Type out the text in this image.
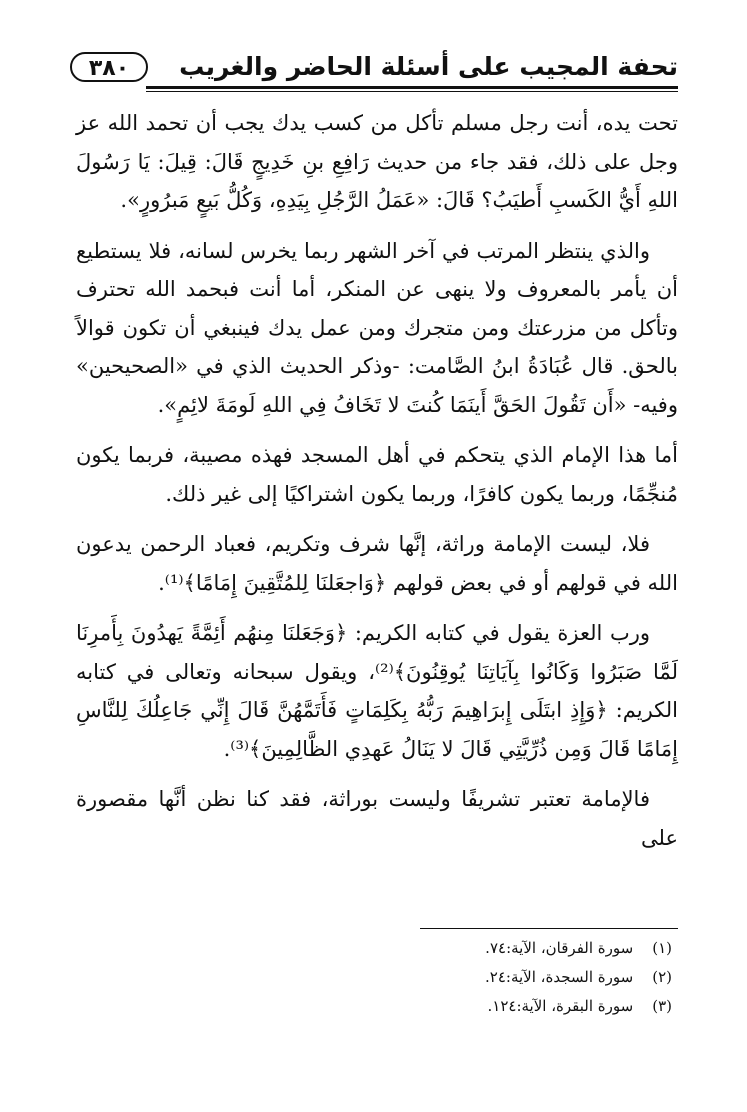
تحفة المجيب على أسئلة الحاضر والغريب
٣٨٠

تحت يده، أنت رجل مسلم تأكل من كسب يدك يجب أن تحمد الله عز وجل على ذلك، فقد جاء من حديث رَافِعِ بنِ خَدِيجٍ قَالَ: قِيلَ: يَا رَسُولَ اللهِ أَيُّ الكَسبِ أَطيَبُ؟ قَالَ: «عَمَلُ الرَّجُلِ بِيَدِهِ، وَكُلُّ بَيعٍ مَبرُورٍ».

والذي ينتظر المرتب في آخر الشهر ربما يخرس لسانه، فلا يستطيع أن يأمر بالمعروف ولا ينهى عن المنكر، أما أنت فبحمد الله تحترف وتأكل من مزرعتك ومن متجرك ومن عمل يدك فينبغي أن تكون قوالاً بالحق. قال عُبَادَةُ ابنُ الصَّامت: -وذكر الحديث الذي في «الصحيحين» وفيه- «أَن تَقُولَ الحَقَّ أَينَمَا كُنتَ لا تَخَافُ فِي اللهِ لَومَةَ لائِمٍ».

أما هذا الإمام الذي يتحكم في أهل المسجد فهذه مصيبة، فربما يكون مُنجِّمًا، وربما يكون كافرًا، وربما يكون اشتراكيًا إلى غير ذلك.

فلا، ليست الإمامة وراثة، إنَّها شرف وتكريم، فعباد الرحمن يدعون الله في قولهم أو في بعض قولهم ﴿وَاجعَلنَا لِلمُتَّقِينَ إِمَامًا﴾⁽¹⁾.

ورب العزة يقول في كتابه الكريم: ﴿وَجَعَلنَا مِنهُم أَئِمَّةً يَهدُونَ بِأَمرِنَا لَمَّا صَبَرُوا وَكَانُوا بِآيَاتِنَا يُوقِنُونَ﴾⁽²⁾، ويقول سبحانه وتعالى في كتابه الكريم: ﴿وَإِذِ ابتَلَى إِبرَاهِيمَ رَبُّهُ بِكَلِمَاتٍ فَأَتَمَّهُنَّ قَالَ إِنِّي جَاعِلُكَ لِلنَّاسِ إِمَامًا قَالَ وَمِن ذُرِّيَّتِي قَالَ لا يَنَالُ عَهدِي الظَّالِمِينَ﴾⁽³⁾.

فالإمامة تعتبر تشريفًا وليست بوراثة، فقد كنا نظن أنَّها مقصورة على

(١) سورة الفرقان، الآية:٧٤.
(٢) سورة السجدة، الآية:٢٤.
(٣) سورة البقرة، الآية:١٢٤.
